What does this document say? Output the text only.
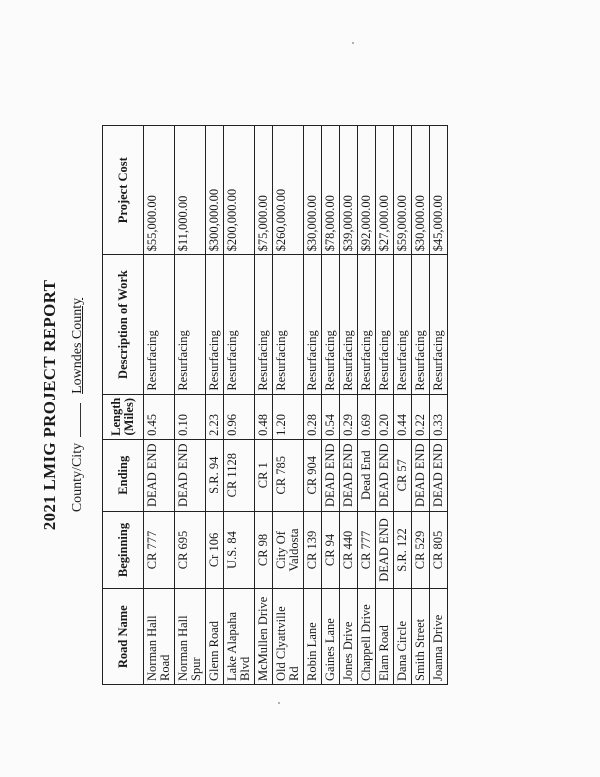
2021 LMIG PROJECT REPORT County/City  Lowndes County
Road Name	Beginning	Ending	Length (Miles)	Description of Work	Project Cost
Norman Hall Road	CR 777	DEAD END	0.45	Resurfacing	$55,000.00
Norman Hall Spur	CR 695	DEAD END	0.10	Resurfacing	$11,000.00
Glenn Road	Cr 106	S.R. 94	2.23	Resurfacing	$300,000.00
Lake Alapaha Blvd	U.S. 84	CR 1128	0.96	Resurfacing	$200,000.00
McMullen Drive	CR 98	CR 1	0.48	Resurfacing	$75,000.00
Old Clyattville Rd	City Of Valdosta	CR 785	1.20	Resurfacing	$260,000.00
Robin Lane	CR 139	CR 904	0.28	Resurfacing	$30,000.00
Gaines Lane	CR 94	DEAD END	0.54	Resurfacing	$78,000.00
Jones Drive	CR 440	DEAD END	0.29	Resurfacing	$39,000.00
Chappell Drive	CR 777	Dead End	0.69	Resurfacing	$92,000.00
Elam Road	DEAD END	DEAD END	0.20	Resurfacing	$27,000.00
Dana Circle	S.R. 122	CR 57	0.44	Resurfacing	$59,000.00
Smith Street	CR 529	DEAD END	0.22	Resurfacing	$30,000.00
Joanna Drive	CR 805	DEAD END	0.33	Resurfacing	$45,000.00
